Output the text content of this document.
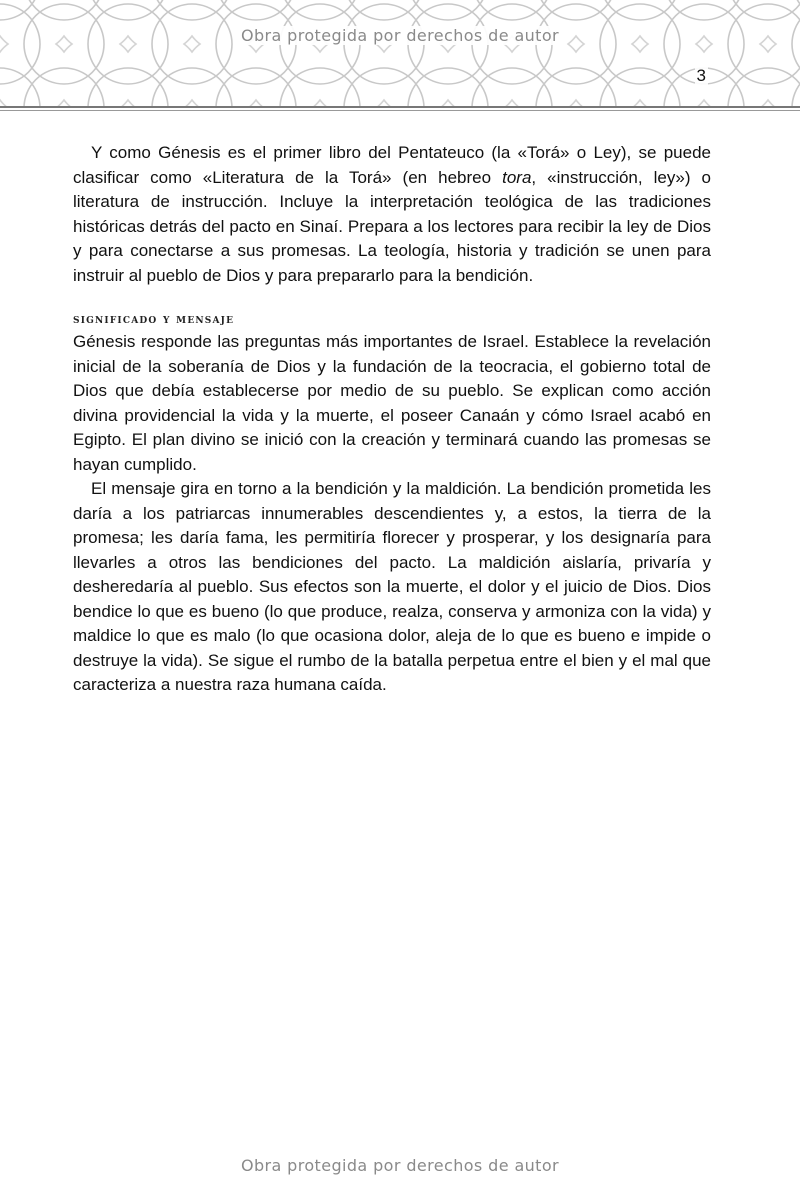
Obra protegida por derechos de autor
3

Y como Génesis es el primer libro del Pentateuco (la «Torá» o Ley), se puede clasificar como «Literatura de la Torá» (en hebreo tora, «instrucción, ley») o literatura de instrucción. Incluye la interpretación teológica de las tradiciones históricas detrás del pacto en Sinaí. Prepara a los lectores para recibir la ley de Dios y para conectarse a sus promesas. La teología, historia y tradición se unen para instruir al pueblo de Dios y para prepararlo para la bendición.

significado y mensaje

Génesis responde las preguntas más importantes de Israel. Establece la revelación inicial de la soberanía de Dios y la fundación de la teocracia, el gobierno total de Dios que debía establecerse por medio de su pueblo. Se explican como acción divina providencial la vida y la muerte, el poseer Canaán y cómo Israel acabó en Egipto. El plan divino se inició con la creación y terminará cuando las promesas se hayan cumplido.

El mensaje gira en torno a la bendición y la maldición. La bendición prometida les daría a los patriarcas innumerables descendientes y, a estos, la tierra de la promesa; les daría fama, les permitiría florecer y prosperar, y los designaría para llevarles a otros las bendiciones del pacto. La maldición aislaría, privaría y desheredaría al pueblo. Sus efectos son la muerte, el dolor y el juicio de Dios. Dios bendice lo que es bueno (lo que produce, realza, conserva y armoniza con la vida) y maldice lo que es malo (lo que ocasiona dolor, aleja de lo que es bueno e impide o destruye la vida). Se sigue el rumbo de la batalla perpetua entre el bien y el mal que caracteriza a nuestra raza humana caída.

Obra protegida por derechos de autor
